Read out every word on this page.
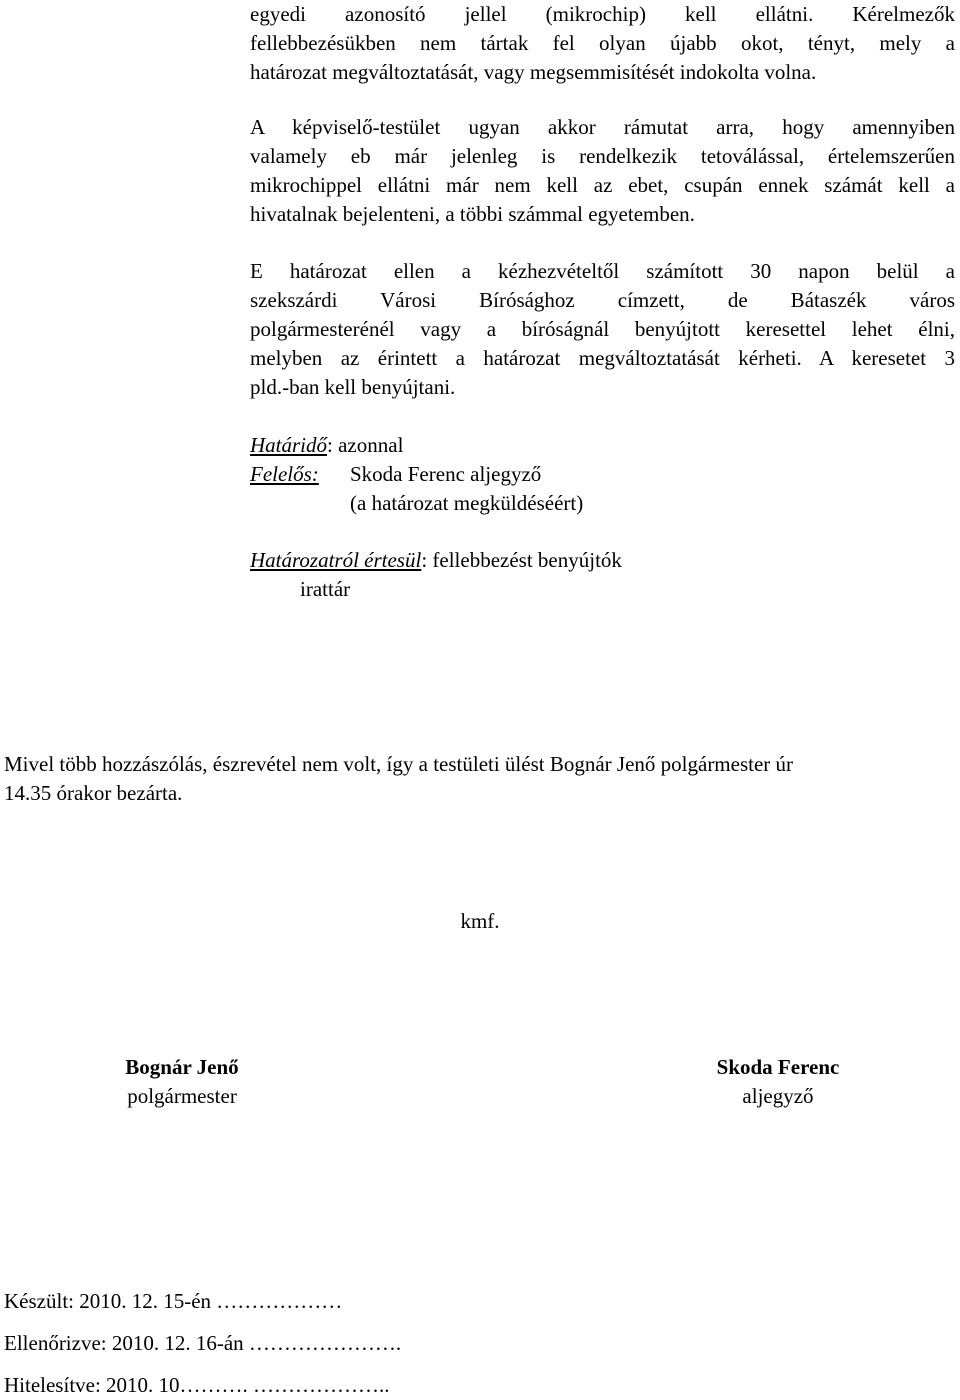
egyedi azonosító jellel (mikrochip) kell ellátni. Kérelmezők
fellebbezésükben nem tártak fel olyan újabb okot, tényt, mely a
határozat megváltoztatását, vagy megsemmisítését indokolta volna.
A képviselő-testület ugyan akkor rámutat arra, hogy amennyiben
valamely eb már jelenleg is rendelkezik tetoválással, értelemszerűen
mikrochippel ellátni már nem kell az ebet, csupán ennek számát kell a
hivatalnak bejelenteni, a többi számmal egyetemben.
E határozat ellen a kézhezvételtől számított 30 napon belül a
szekszárdi Városi Bírósághoz címzett, de Bátaszék város
polgármesterénél vagy a bíróságnál benyújtott keresettel lehet élni,
melyben az érintett a határozat megváltoztatását kérheti. A keresetet 3
pld.-ban kell benyújtani.
Határidő: azonnal
Felelős: Skoda Ferenc aljegyző
(a határozat megküldéséért)
Határozatról értesül: fellebbezést benyújtók
irattár
Mivel több hozzászólás, észrevétel nem volt, így a testületi ülést Bognár Jenő polgármester úr
14.35 órakor bezárta.
kmf.
Bognár Jenő
polgármester
Skoda Ferenc
aljegyző
Készült: 2010. 12. 15-én ………………
Ellenőrizve: 2010. 12. 16-án ………………….
Hitelesítve: 2010. 10………. ………………..
